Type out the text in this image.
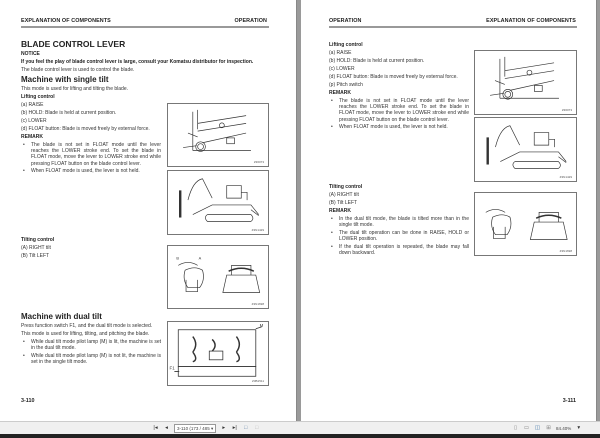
EXPLANATION OF COMPONENTS	OPERATION
BLADE CONTROL LEVER
NOTICE
If you feel the play of blade control lever is large, consult your Komatsu distributor for inspection.
The blade control lever is used to control the blade.
Machine with single tilt
This mode is used for lifting and tilting the blade.
Lifting control
(a) RAISE
(b) HOLD: Blade is held at current position.
(c) LOWER
(d) FLOAT button: Blade is moved freely by external force.
REMARK
• The blade is not set in FLOAT mode until the lever reaches the LOWER stroke end. To set the blade in FLOAT mode, move the lever to LOWER stroke end while pressing FLOAT button on the blade control lever.
• When FLOAT mode is used, the lever is not held.
Z36073
Z3N1429
Tilting control
(A) RIGHT tilt
(B) Tilt LEFT	B	A
Z3N1698
Machine with dual tilt
Press function switch F1, and the dual tilt mode is selected.
This mode is used for lifting, tilting, and pitching the blade.
• While dual tilt mode pilot lamp (M) is lit, the machine is set in the dual tilt mode.
• While dual tilt mode pilot lamp (M) is not lit, the machine is set in the single tilt mode.
M
F1
Z3B1511
3-110
OPERATION	EXPLANATION OF COMPONENTS
Lifting control
(a) RAISE
(b) HOLD: Blade is held at current position.
(c) LOWER
(d) FLOAT button: Blade is moved freely by external force.
(p) Pitch switch
REMARK
• The blade is not set in FLOAT mode until the lever reaches the LOWER stroke end. To set the blade in FLOAT mode, move the lever to LOWER stroke end while pressing FLOAT button on the blade control lever.
• When FLOAT mode is used, the lever is not held.
Z36073
Z3N1429
Tilting control
(A) RIGHT tilt
(B) Tilt LEFT
REMARK
• In the dual tilt mode, the blade is tilted more than in the single tilt mode.
• The dual tilt operation can be done in RAISE, HOLD or LOWER position.
• If the dual tilt operation is repeated, the blade may fall down backward.	Z3N1698
3-111
|◂	◂	3-110 (173 / 485 ▾	▸	▸|	□	□	▯	▭ ◫ ⊞ 84.40%	▾
